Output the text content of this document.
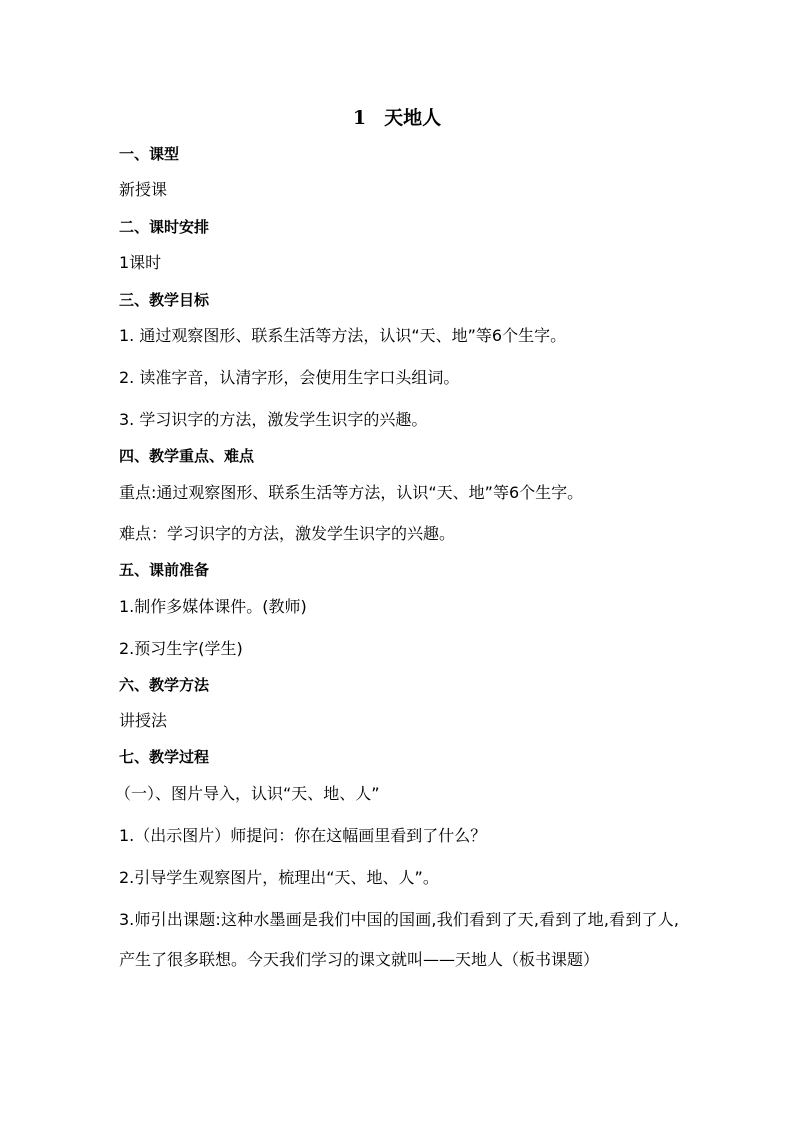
1 天地人
一、课型
新授课
二、课时安排
1课时
三、教学目标
1. 通过观察图形、联系生活等方法，认识“天、地”等6个生字。
2. 读准字音，认清字形，会使用生字口头组词。
3. 学习识字的方法，激发学生识字的兴趣。
四、教学重点、难点
重点:通过观察图形、联系生活等方法，认识“天、地”等6个生字。
难点：学习识字的方法，激发学生识字的兴趣。
五、课前准备
1.制作多媒体课件。(教师)
2.预习生字(学生)
六、教学方法
讲授法
七、教学过程
（一）、图片导入，认识“天、地、人”
1.（出示图片）师提问：你在这幅画里看到了什么？
2.引导学生观察图片，梳理出“天、地、人”。
3.师引出课题:这种水墨画是我们中国的国画,我们看到了天,看到了地,看到了人,产生了很多联想。今天我们学习的课文就叫——天地人（板书课题）
